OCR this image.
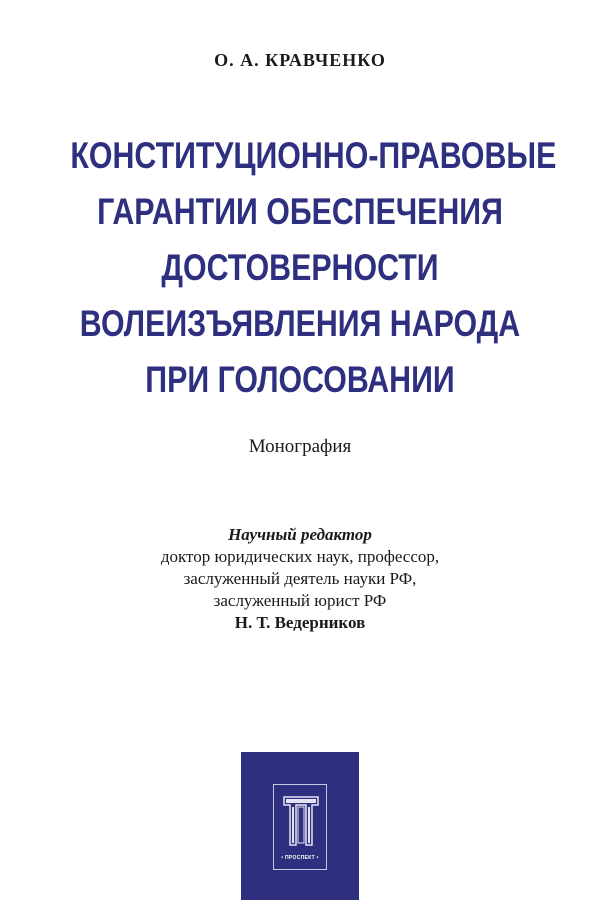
О. А. КРАВЧЕНКО
КОНСТИТУЦИОННО-ПРАВОВЫЕ
ГАРАНТИИ ОБЕСПЕЧЕНИЯ
ДОСТОВЕРНОСТИ
ВОЛЕИЗЪЯВЛЕНИЯ НАРОДА
ПРИ ГОЛОСОВАНИИ
Монография
Научный редактор
доктор юридических наук, профессор,
заслуженный деятель науки РФ,
заслуженный юрист РФ
Н. Т. Ведерников
• ПРОСПЕКТ •
